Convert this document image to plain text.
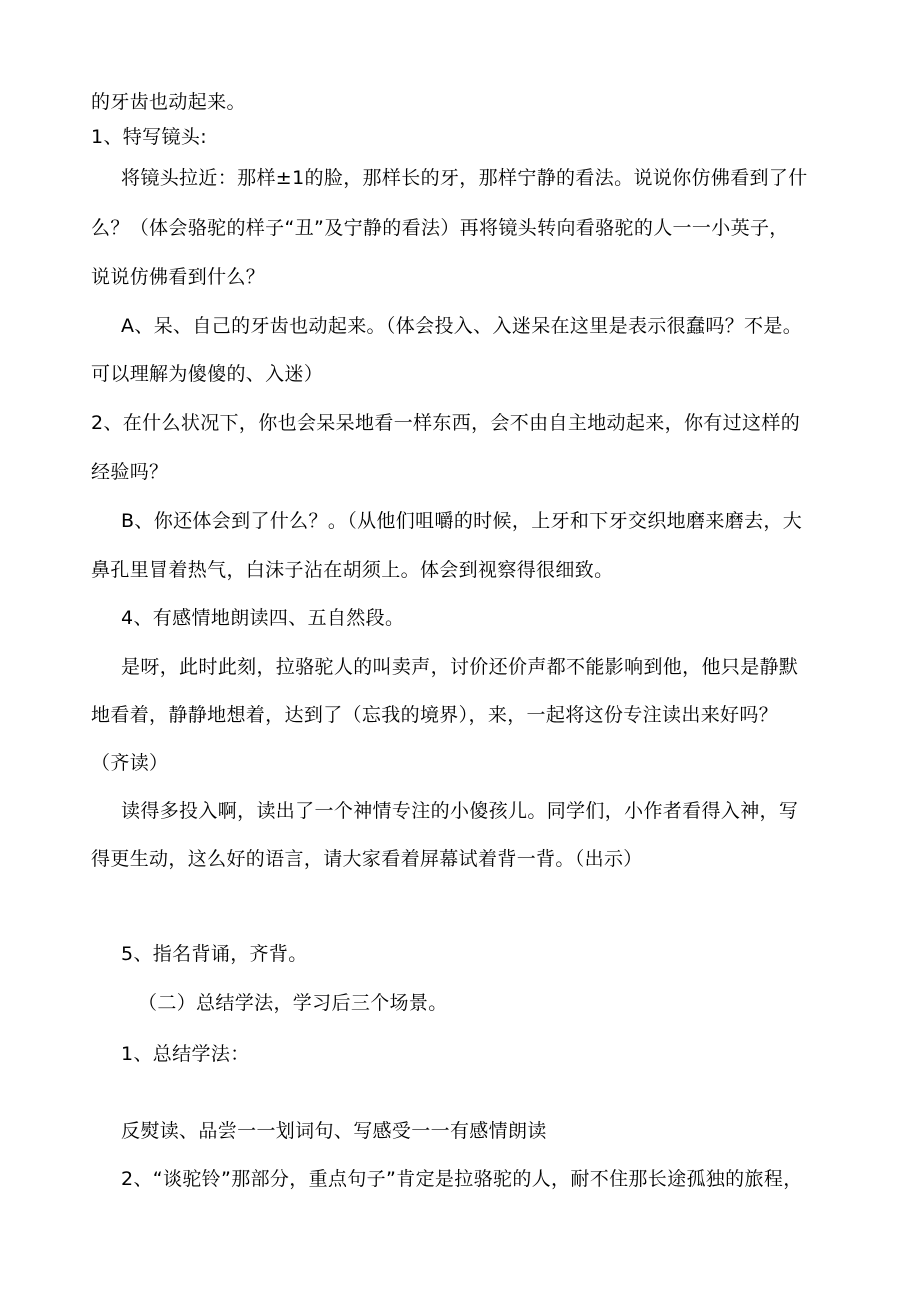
的牙齿也动起来。
1、特写镜头:
将镜头拉近：那样±1的脸，那样长的牙，那样宁静的看法。说说你仿佛看到了什
么？（体会骆驼的样子“丑”及宁静的看法）再将镜头转向看骆驼的人一一小英子，
说说仿佛看到什么？
A、呆、自己的牙齿也动起来。（体会投入、入迷呆在这里是表示很蠢吗？不是。
可以理解为傻傻的、入迷）
2、在什么状况下，你也会呆呆地看一样东西，会不由自主地动起来，你有过这样的
经验吗？
B、你还体会到了什么？。（从他们咀嚼的时候，上牙和下牙交织地磨来磨去，大
鼻孔里冒着热气，白沫子沾在胡须上。体会到视察得很细致。
4、有感情地朗读四、五自然段。
是呀，此时此刻，拉骆驼人的叫卖声，讨价还价声都不能影响到他，他只是静默
地看着，静静地想着，达到了（忘我的境界），来，一起将这份专注读出来好吗？
（齐读）
读得多投入啊，读出了一个神情专注的小傻孩儿。同学们，小作者看得入神，写
得更生动，这么好的语言，请大家看着屏幕试着背一背。（出示）
5、指名背诵，齐背。
（二）总结学法，学习后三个场景。
1、总结学法：
反熨读、品尝一一划词句、写感受一一有感情朗读
2、“谈驼铃”那部分，重点句子”肯定是拉骆驼的人，耐不住那长途孤独的旅程，
